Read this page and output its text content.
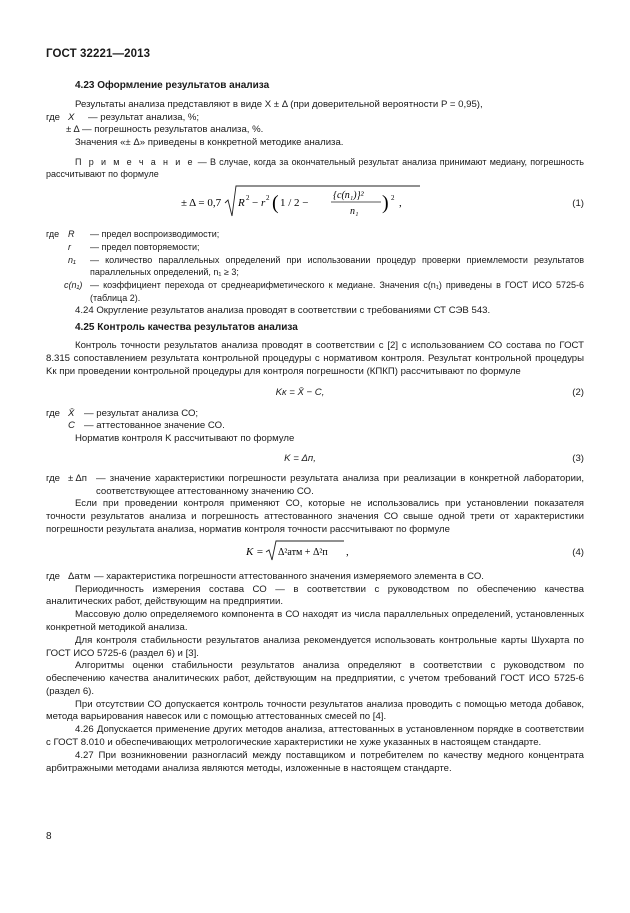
ГОСТ 32221—2013
4.23 Оформление результатов анализа

Результаты анализа представляют в виде X ± Δ (при доверительной вероятности P = 0,95),

где X	— результат анализа, %;
± Δ — погрешность результатов анализа, %.

Значения «± Δ» приведены в конкретной методике анализа.

П р и м е ч а н и е — В случае, когда за окончательный результат анализа принимают медиану, погрешность рассчитывают по формуле

± Δ = 0,7 R 2 − r 2 ( 1 / 2 −
{c(n₁)}²
n₁ ) 2 ,	(1)
где R	— предел воспроизводимости;
r	— предел повторяемости;
n₁	— количество параллельных определений при использовании процедур проверки приемлемости результатов параллельных определений, n₁ ≥ 3;
c(n₁) — коэффициент перехода от среднеарифметического к медиане. Значения c(n₁) приведены в ГОСТ ИСО 5725-6 (таблица 2).

4.24 Округление результатов анализа проводят в соответствии с требованиями СТ СЭВ 543.

4.25 Контроль качества результатов анализа

Контроль точности результатов анализа проводят в соответствии с [2] с использованием СО состава по ГОСТ 8.315 сопоставлением результата контрольной процедуры с нормативом контроля. Результат контрольной процедуры Kк при проведении контрольной процедуры для контроля погрешности (КПКП) рассчитывают по формуле

Kк = X̄ − C,	(2)
где X̄ — результат анализа СО;
C — аттестованное значение СО.

Норматив контроля K рассчитывают по формуле

K = Δп,	(3)
где ± Δп — значение характеристики погрешности результата анализа при реализации в конкретной лаборатории, соответствующее аттестованному значению СО.

Если при проведении контроля применяют СО, которые не использовались при установлении показателя точности результатов анализа и погрешность аттестованного значения СО свыше одной трети от характеристики погрешности результата анализа, норматив контроля точности рассчитывают по формуле

K = Δ²атм + Δ²п ,	(4)
где Δатм — характеристика погрешности аттестованного значения измеряемого элемента в СО.

Периодичность измерения состава СО — в соответствии с руководством по обеспечению качества аналитических работ, действующим на предприятии.

Массовую долю определяемого компонента в СО находят из числа параллельных определений, установленных конкретной методикой анализа.

Для контроля стабильности результатов анализа рекомендуется использовать контрольные карты Шухарта по ГОСТ ИСО 5725-6 (раздел 6) и [3].

Алгоритмы оценки стабильности результатов анализа определяют в соответствии с руководством по обеспечению качества аналитических работ, действующим на предприятии, с учетом требований ГОСТ ИСО 5725-6 (раздел 6).

При отсутствии СО допускается контроль точности результатов анализа проводить с помощью метода добавок, метода варьирования навесок или с помощью аттестованных смесей по [4].

4.26 Допускается применение других методов анализа, аттестованных в установленном порядке в соответствии с ГОСТ 8.010 и обеспечивающих метрологические характеристики не хуже указанных в настоящем стандарте.

4.27 При возникновении разногласий между поставщиком и потребителем по качеству медного концентрата арбитражными методами анализа являются методы, изложенные в настоящем стандарте.

8
